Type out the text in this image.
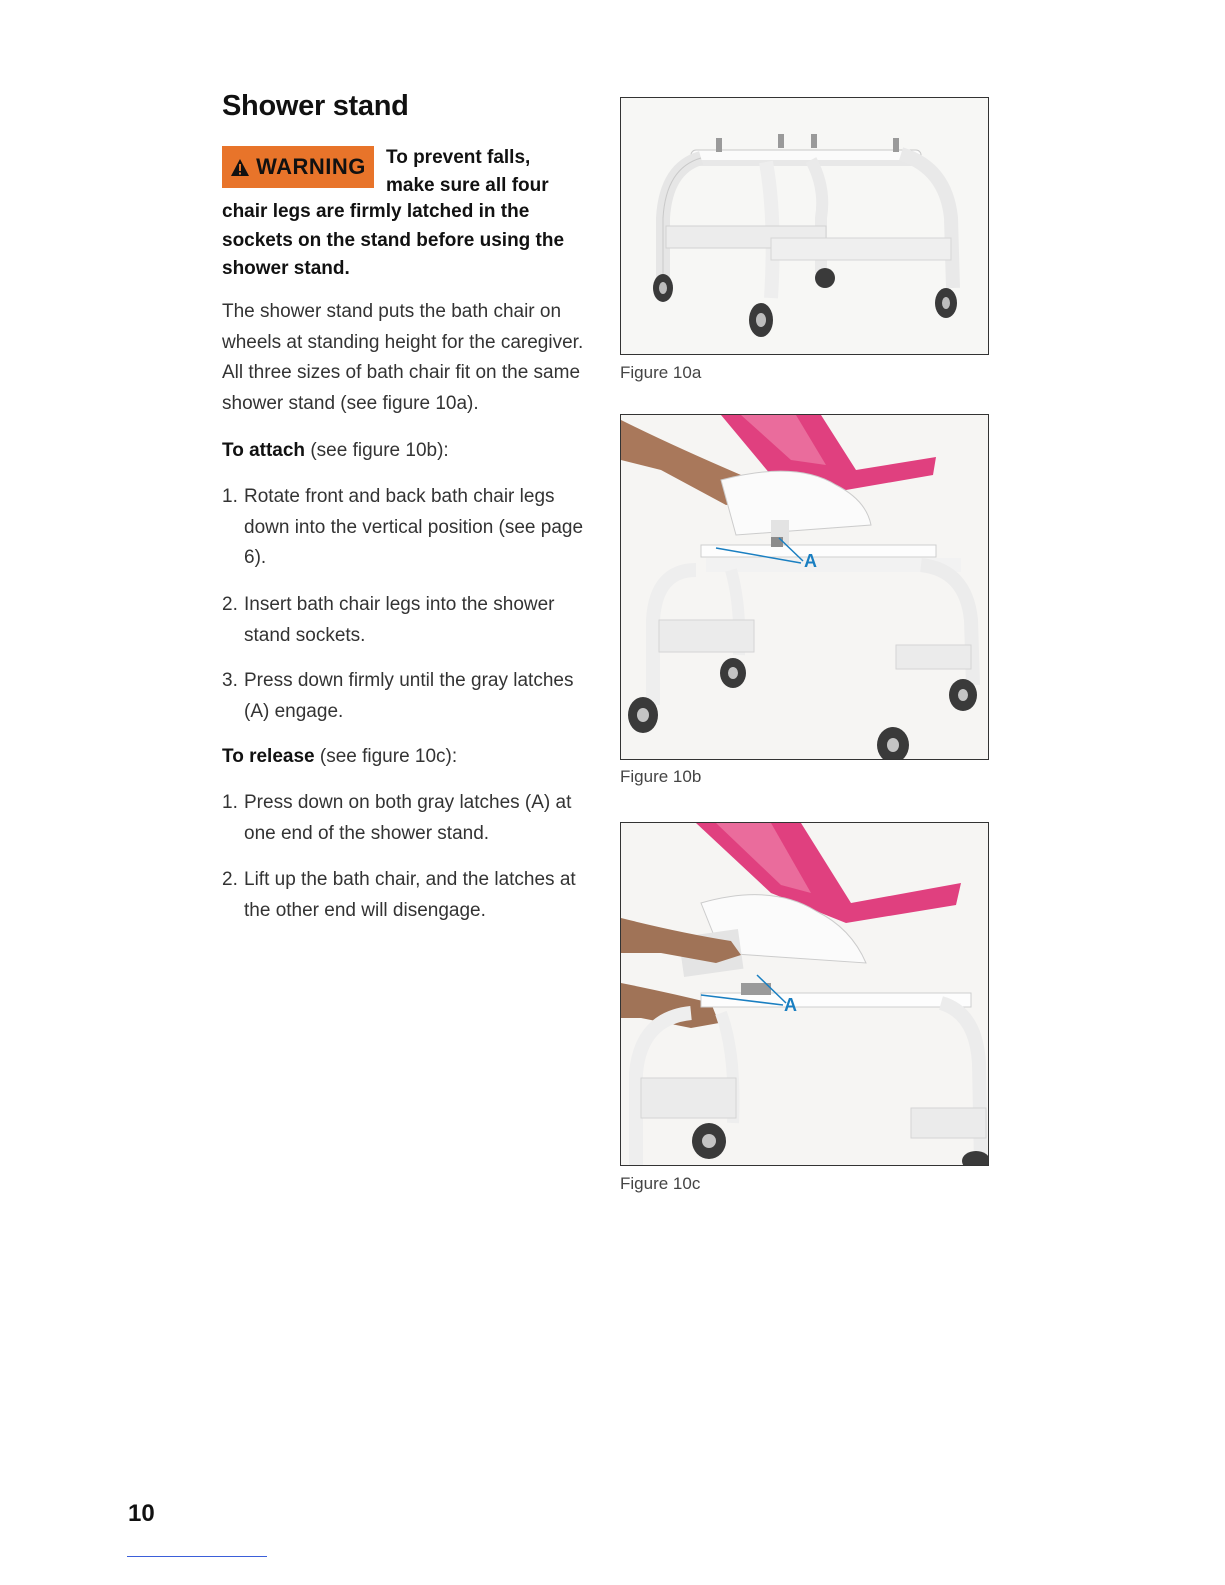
Shower stand
WARNING To prevent falls, make sure all four
chair legs are firmly latched in the sockets on the stand before using the shower stand.
The shower stand puts the bath chair on wheels at standing height for the caregiver. All three sizes of bath chair fit on the same shower stand (see figure 10a).
To attach (see figure 10b):
1. Rotate front and back bath chair legs down into the vertical position (see page 6).
2. Insert bath chair legs into the shower stand sockets.
3. Press down firmly until the gray latches (A) engage.
To release (see figure 10c):
1. Press down on both gray latches (A) at one end of the shower stand.
2. Lift up the bath chair, and the latches at the other end will disengage.
Figure 10a
A
Figure 10b
A
Figure 10c
10
